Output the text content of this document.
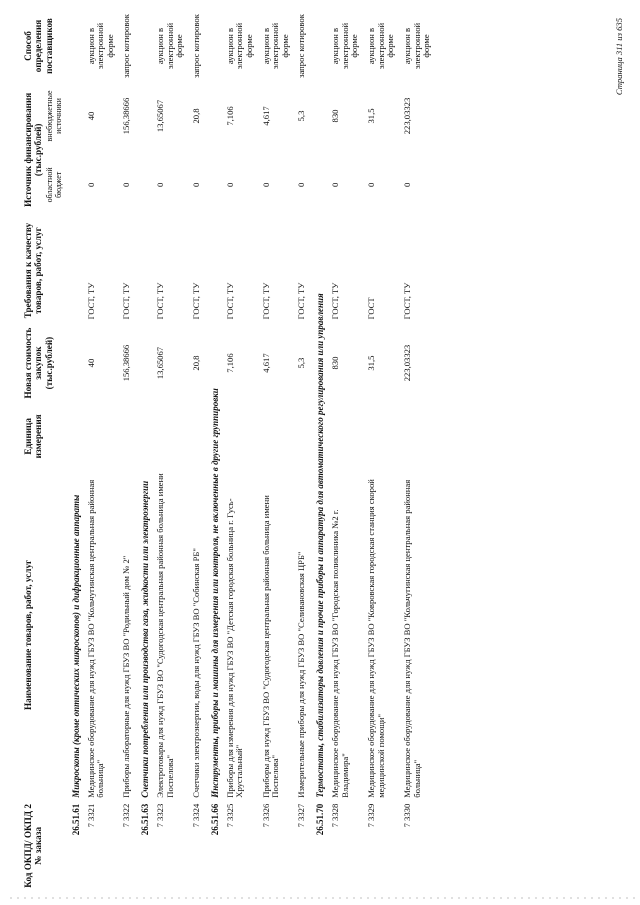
Код ОКПД/ ОКПД 2 № заказа	Наименование товаров, работ, услуг	Единица измерения	Новая стоимость закупок (тыс.рублей)	Требования к качеству товаров, работ, услуг	Источник финансирования (тыс.рублей)		Способ определения поставщиков
					областной бюджет	внебюджетные источники	
26.51.61	Микроскопы (кроме оптических микроскопов) и дифракционные аппараты						
7 3321	Медицинское оборудование для нужд ГБУЗ ВО "Кольчугинская центральная районная больница"		40	ГОСТ, ТУ	0	40	аукцион в электронной форме
7 3322	Приборы лабораторные для нужд ГБУЗ ВО "Родильный дом № 2"		156,38666	ГОСТ, ТУ	0	156,38666	запрос котировок
26.51.63	Счетчики потребления или производства газа, жидкости или электроэнергии						
7 3323	Электротовары для нужд ГБУЗ ВО "Судогодская центральная районная больница имени Поспелова"		13,65067	ГОСТ, ТУ	0	13,65067	аукцион в электронной форме
7 3324	Счетчики электроэнергии, воды для нужд ГБУЗ ВО "Собинская РБ"		20,8	ГОСТ, ТУ	0	20,8	запрос котировок
26.51.66	Инструменты, приборы и машины для измерения или контроля, не включенные в другие группировки						
7 3325	Приборы для измерения для нужд ГБУЗ ВО "Детская городская больница г. Гусь-Хрустальный"		7,106	ГОСТ, ТУ	0	7,106	аукцион в электронной форме
7 3326	Приборы для нужд ГБУЗ ВО "Судогодская центральная районная больница имени Поспелова"		4,617	ГОСТ, ТУ	0	4,617	аукцион в электронной форме
7 3327	Измерительные приборы для нужд ГБУЗ ВО "Селивановская ЦРБ"		5,3	ГОСТ, ТУ	0	5,3	запрос котировок
26.51.70	Термостаты, стабилизаторы давления и прочие приборы и аппаратура для автоматического регулирования или управления						
7 3328	Медицинское оборудование для нужд ГБУЗ ВО "Городская поликлиника №2 г. Владимира"		830	ГОСТ, ТУ	0	830	аукцион в электронной форме
7 3329	Медицинское оборудование для нужд ГБУЗ ВО "Ковровская городская станция скорой медицинской помощи"		31,5	ГОСТ	0	31,5	аукцион в электронной форме
7 3330	Медицинское оборудование для нужд ГБУЗ ВО "Кольчугинская центральная районная больница"		223,03323	ГОСТ, ТУ	0	223,03323	аукцион в электронной форме	Страница 311 из 635
